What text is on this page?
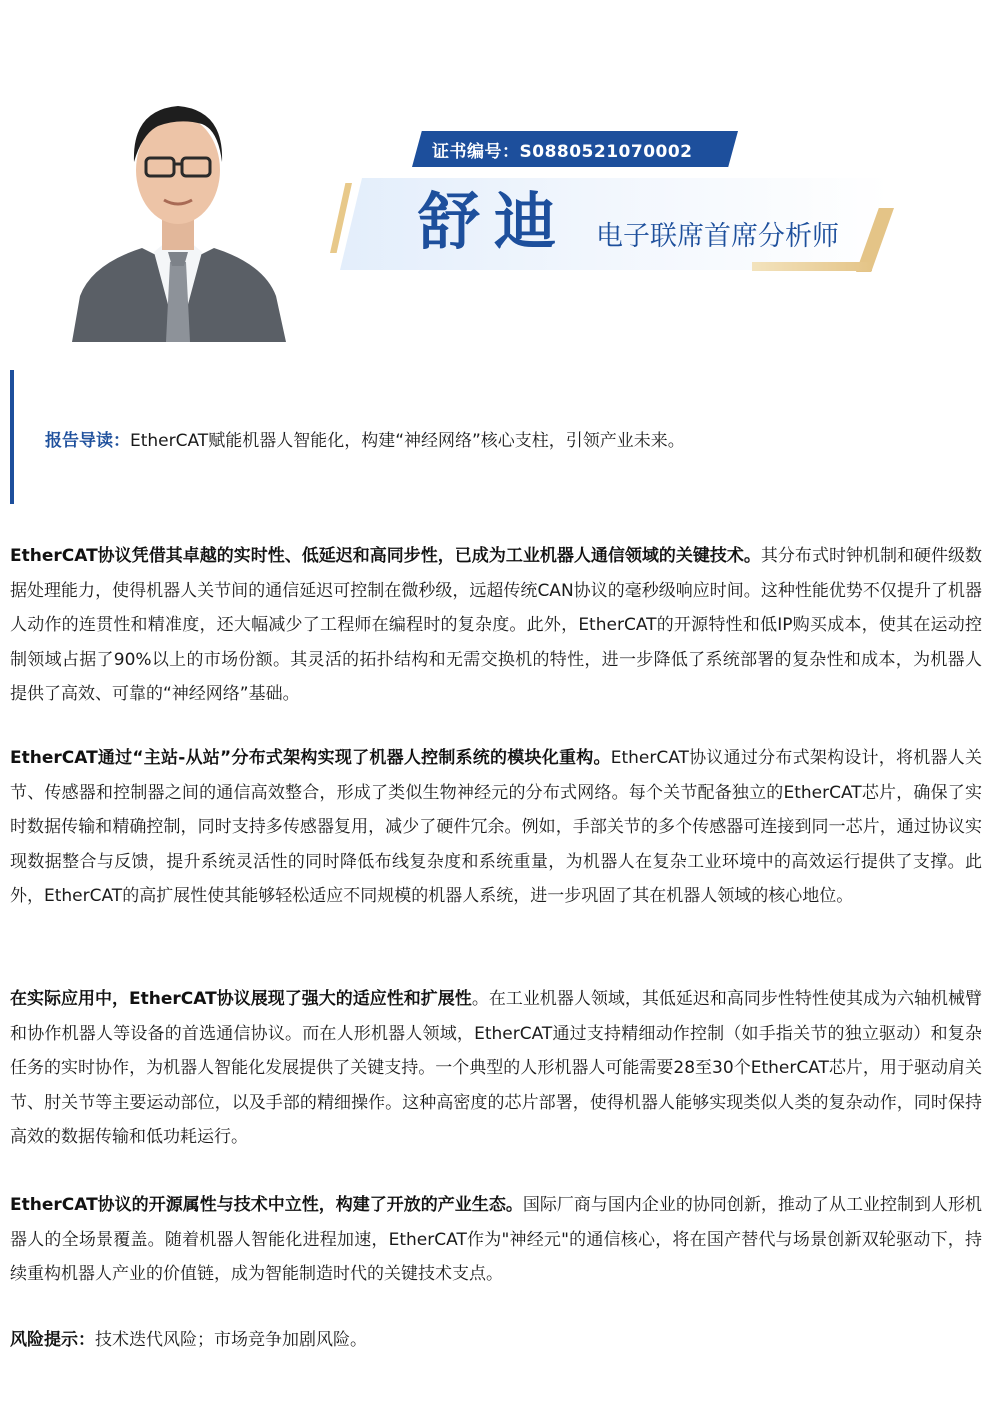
证书编号：S0880521070002
舒迪 电子联席首席分析师
报告导读：EtherCAT赋能机器人智能化，构建“神经网络”核心支柱，引领产业未来。
EtherCAT协议凭借其卓越的实时性、低延迟和高同步性，已成为工业机器人通信领域的关键技术。其分布式时钟机制和硬件级数据处理能力，使得机器人关节间的通信延迟可控制在微秒级，远超传统CAN协议的毫秒级响应时间。这种性能优势不仅提升了机器人动作的连贯性和精准度，还大幅减少了工程师在编程时的复杂度。此外，EtherCAT的开源特性和低IP购买成本，使其在运动控制领域占据了90%以上的市场份额。其灵活的拓扑结构和无需交换机的特性，进一步降低了系统部署的复杂性和成本，为机器人提供了高效、可靠的“神经网络”基础。
EtherCAT通过“主站-从站”分布式架构实现了机器人控制系统的模块化重构。EtherCAT协议通过分布式架构设计，将机器人关节、传感器和控制器之间的通信高效整合，形成了类似生物神经元的分布式网络。每个关节配备独立的EtherCAT芯片，确保了实时数据传输和精确控制，同时支持多传感器复用，减少了硬件冗余。例如，手部关节的多个传感器可连接到同一芯片，通过协议实现数据整合与反馈，提升系统灵活性的同时降低布线复杂度和系统重量，为机器人在复杂工业环境中的高效运行提供了支撑。此外，EtherCAT的高扩展性使其能够轻松适应不同规模的机器人系统，进一步巩固了其在机器人领域的核心地位。
在实际应用中，EtherCAT协议展现了强大的适应性和扩展性。在工业机器人领域，其低延迟和高同步性特性使其成为六轴机械臂和协作机器人等设备的首选通信协议。而在人形机器人领域，EtherCAT通过支持精细动作控制（如手指关节的独立驱动）和复杂任务的实时协作，为机器人智能化发展提供了关键支持。一个典型的人形机器人可能需要28至30个EtherCAT芯片，用于驱动肩关节、肘关节等主要运动部位，以及手部的精细操作。这种高密度的芯片部署，使得机器人能够实现类似人类的复杂动作，同时保持高效的数据传输和低功耗运行。
EtherCAT协议的开源属性与技术中立性，构建了开放的产业生态。国际厂商与国内企业的协同创新，推动了从工业控制到人形机器人的全场景覆盖。随着机器人智能化进程加速，EtherCAT作为"神经元"的通信核心，将在国产替代与场景创新双轮驱动下，持续重构机器人产业的价值链，成为智能制造时代的关键技术支点。
风险提示：技术迭代风险；市场竞争加剧风险。
